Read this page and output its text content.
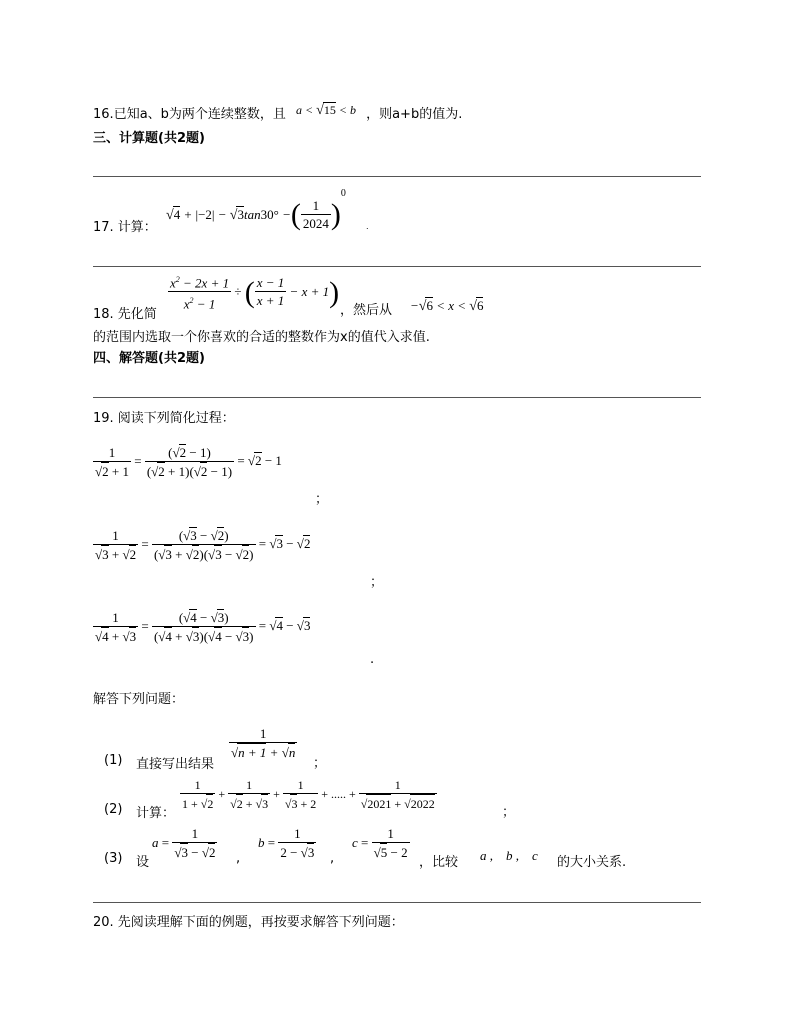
16.已知a、b为两个连续整数，且 a < √15 < b ，则a+b的值为.
三、计算题(共2题)
17. 计算：
√4 + |−2| − √3tan30° −( $\frac{1}{2024} )^0$
.
18. 先化简
$\frac{x^2 - 2x + 1}{x^2 - 1}$ ÷ ( $\frac{x - 1}{x + 1} - x + 1$)
，然后从 −√6 < x < √6
的范围内选取一个你喜欢的合适的整数作为x的值代入求值.
四、解答题(共2题)
19. 阅读下列简化过程：
$\frac{1}{√2 + 1} = \frac{(√2 - 1)}{(√2 + 1)(√2 - 1)} = √2 - 1$
；
$\frac{1}{√3 + √2} = \frac{(√3 - √2)}{(√3 + √2)(√3 - √2)} = √3 - √2$
；
$\frac{1}{√4 + √3} = \frac{(√4 - √3)}{(√4 + √3)(√4 - √3)} = √4 - √3$
.
解答下列问题：
(1) 直接写出结果
$\frac{1}{√n + 1 + √n}$
；
(2) 计算：
$\frac{1}{1 + √2} + \frac{1}{√2 + √3} + \frac{1}{√3 + 2}$ + ..... + $\frac{1}{√2021 + √2022}$	；
(3) 设
$a = \frac{1}{√3 - √2}$ ,
$b = \frac{1}{2 - √3}$ ,
$c = \frac{1}{√5 - 2}$
，比较 a ,    b ,    c 的大小关系.
20. 先阅读理解下面的例题，再按要求解答下列问题：
